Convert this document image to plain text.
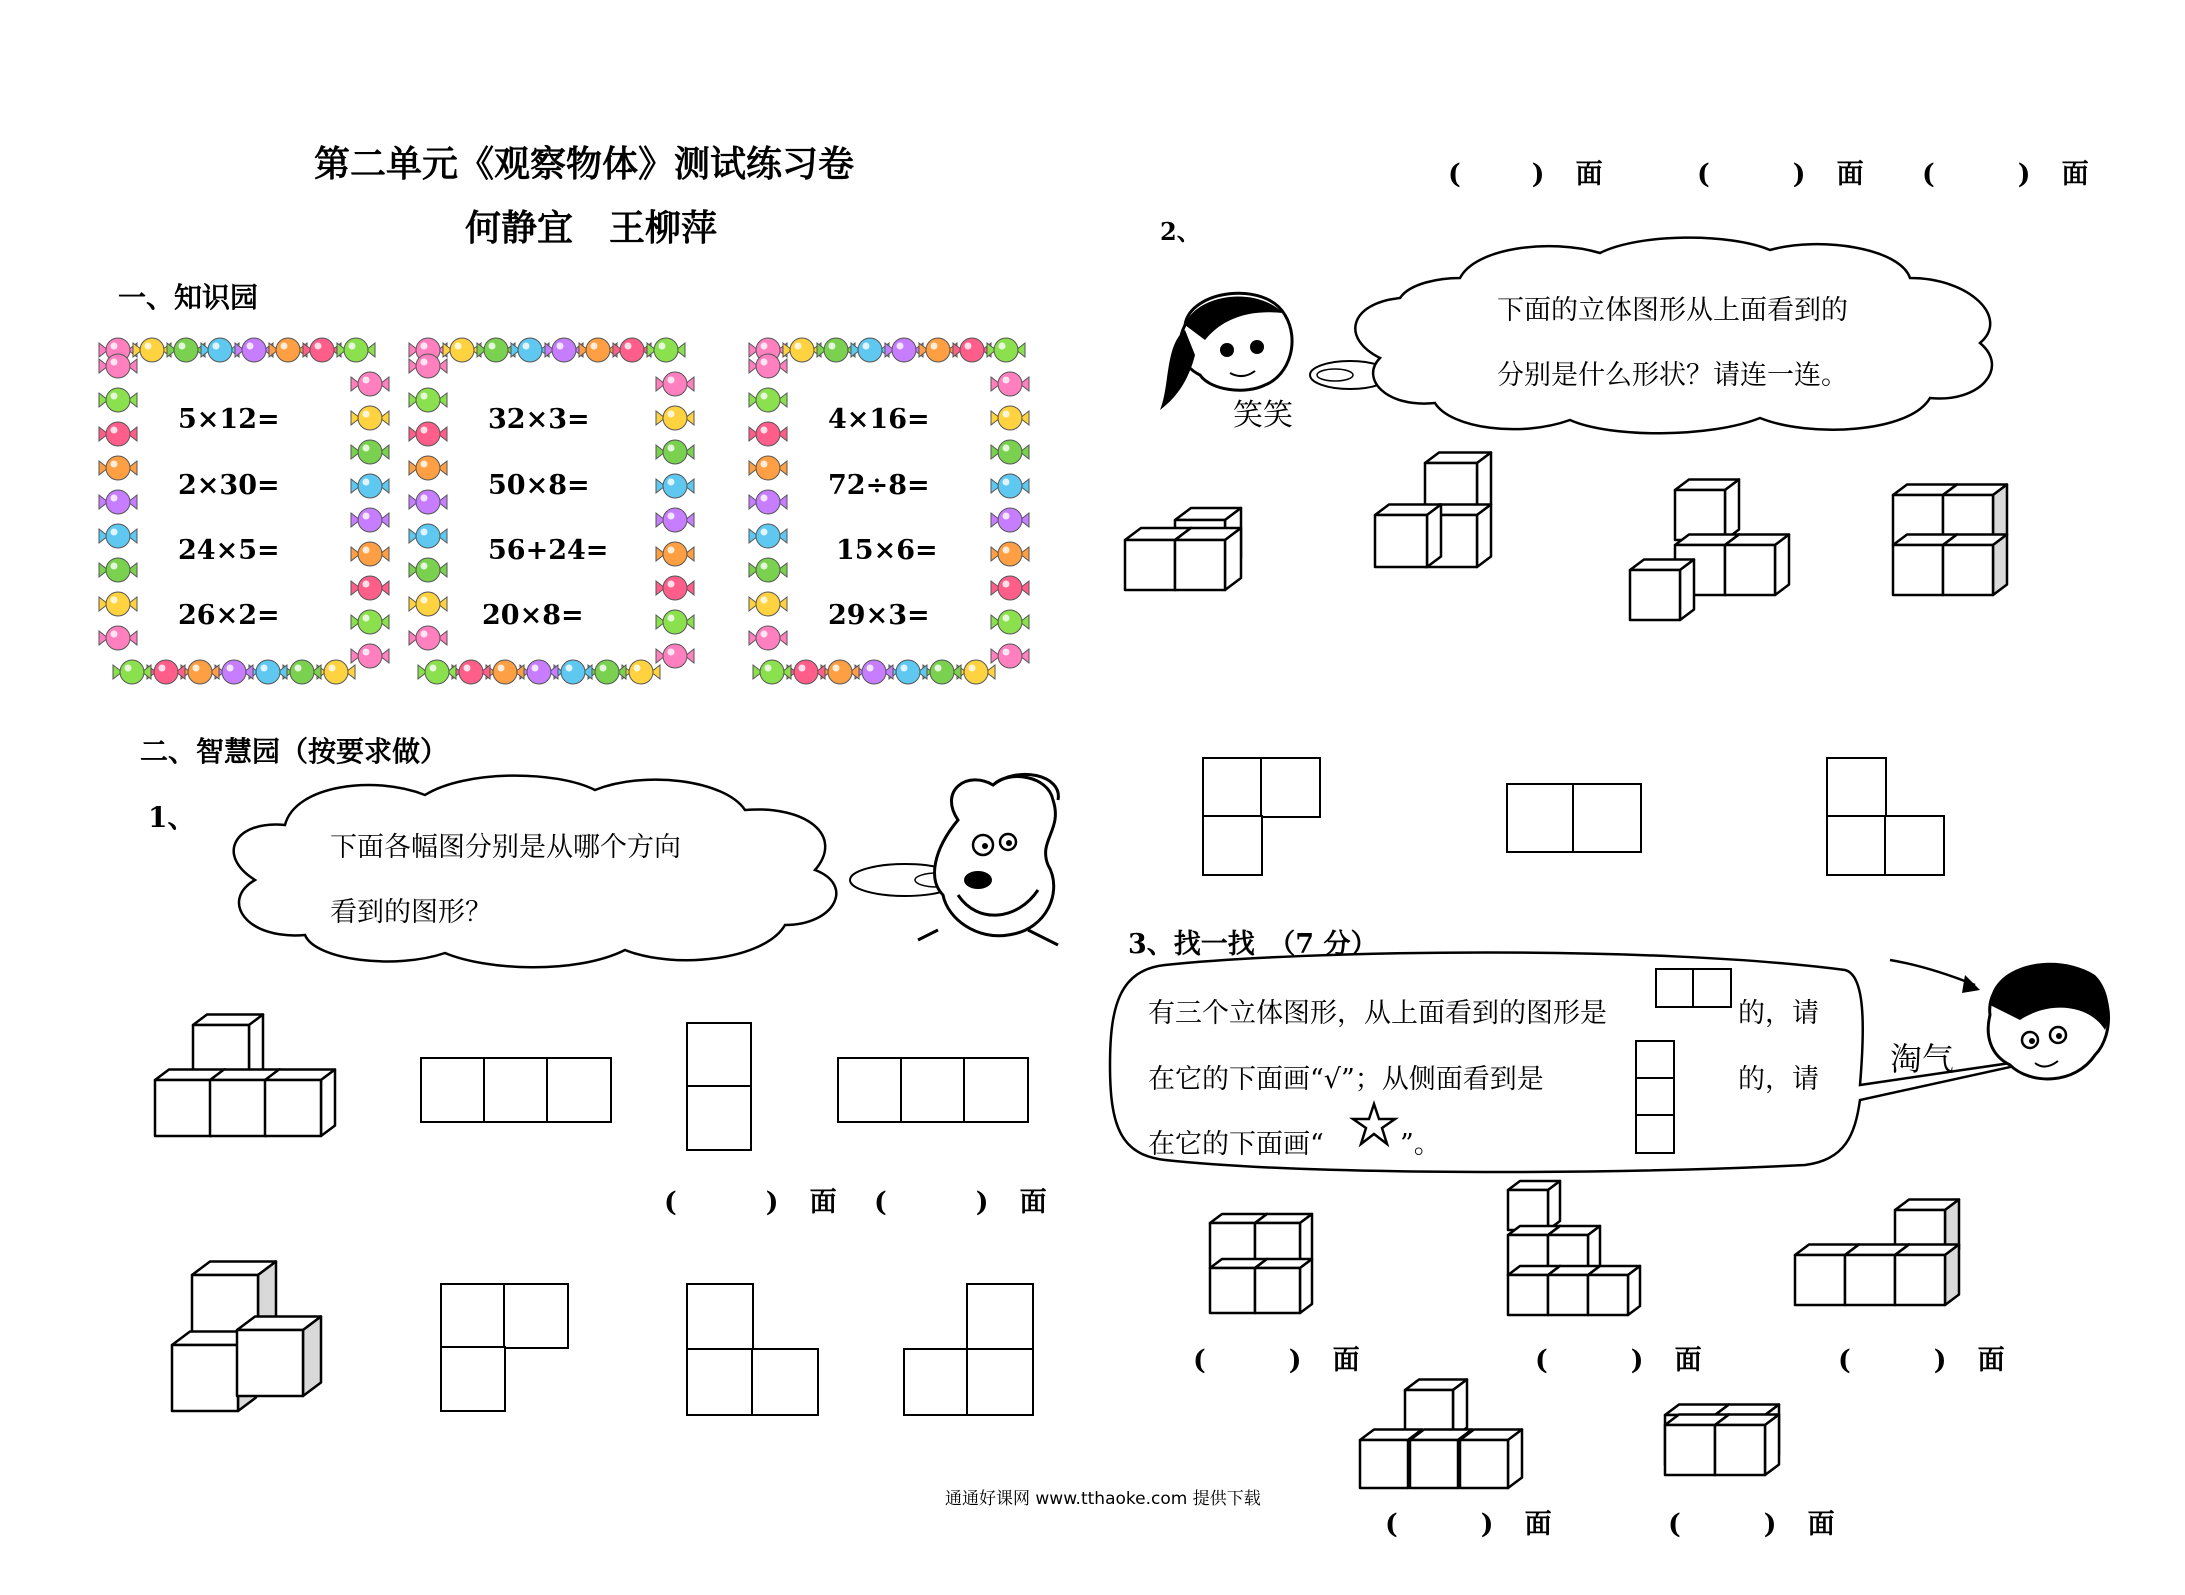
第二单元《观察物体》测试练习卷
何静宜　王柳萍
一、知识园
5×12=
2×30=
24×5=
26×2=
32×3=
50×8=
56+24=
20×8=
4×16=
72÷8=
15×6=
29×3=
二、智慧园（按要求做）
1、
下面各幅图分别是从哪个方向
看到的图形？
(	) 面 (	) 面
通通好课网 www.tthaoke.com 提供下载
(	) 面	(	) 面 (	) 面
2、
笑笑
下面的立体图形从上面看到的
分别是什么形状？请连一连。
3、找一找　（7 分）
有三个立体图形，从上面看到的图形是	的，请
在它的下面画“√”；从侧面看到是	的，请
在它的下面画“	”。
淘气
(	) 面	(	) 面	(	) 面
(	) 面	(	) 面
